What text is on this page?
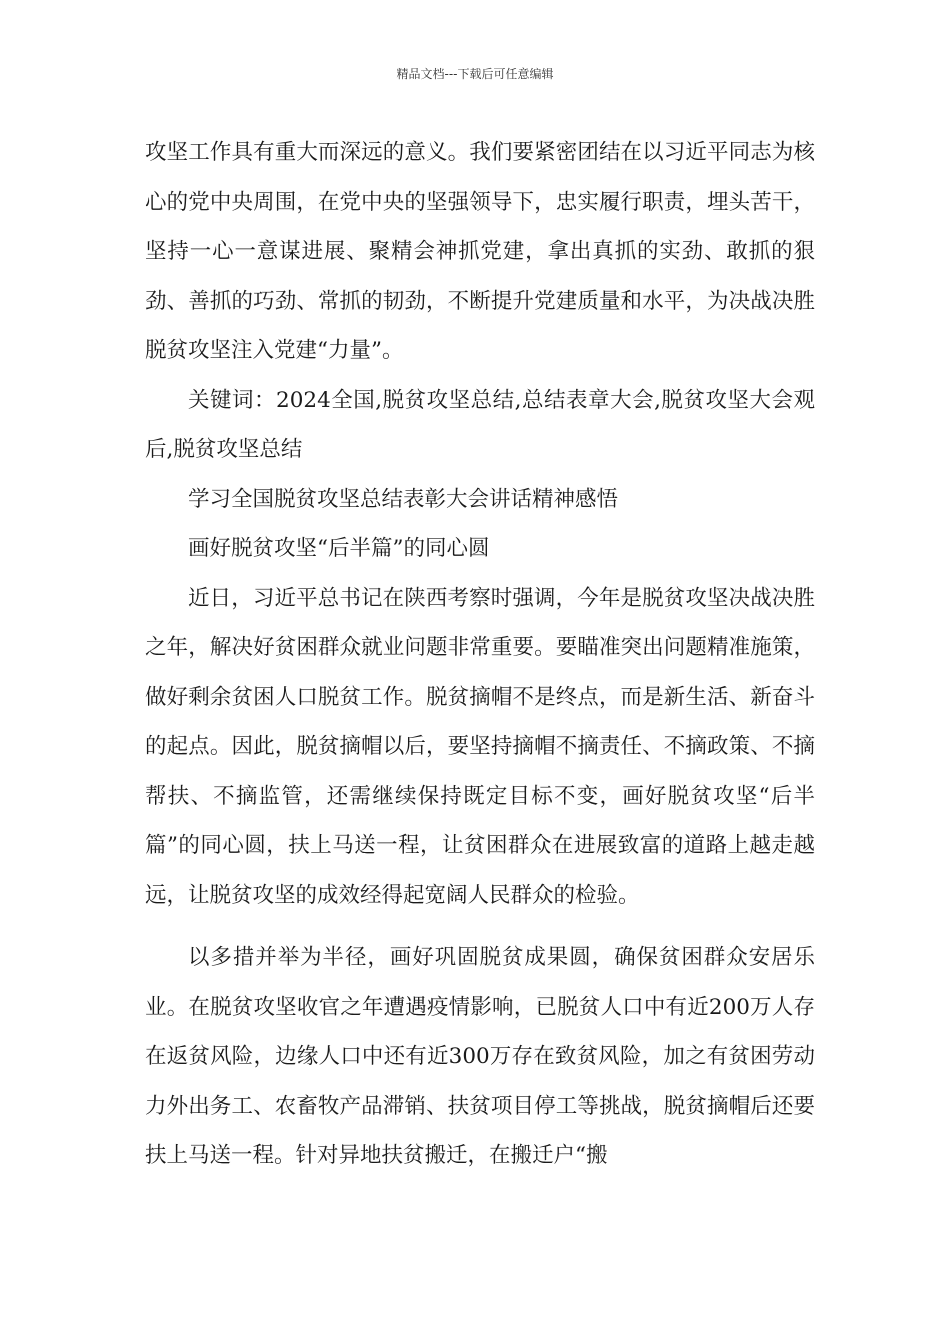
精品文档---下载后可任意编辑

攻坚工作具有重大而深远的意义。我们要紧密团结在以习近平同志为核心的党中央周围，在党中央的坚强领导下，忠实履行职责，埋头苦干，坚持一心一意谋进展、聚精会神抓党建，拿出真抓的实劲、敢抓的狠劲、善抓的巧劲、常抓的韧劲，不断提升党建质量和水平，为决战决胜脱贫攻坚注入党建“力量”。

关键词：2024全国,脱贫攻坚总结,总结表章大会,脱贫攻坚大会观后,脱贫攻坚总结

学习全国脱贫攻坚总结表彰大会讲话精神感悟

画好脱贫攻坚“后半篇”的同心圆

近日，习近平总书记在陕西考察时强调，今年是脱贫攻坚决战决胜之年，解决好贫困群众就业问题非常重要。要瞄准突出问题精准施策，做好剩余贫困人口脱贫工作。脱贫摘帽不是终点，而是新生活、新奋斗的起点。因此，脱贫摘帽以后，要坚持摘帽不摘责任、不摘政策、不摘帮扶、不摘监管，还需继续保持既定目标不变，画好脱贫攻坚“后半篇”的同心圆，扶上马送一程，让贫困群众在进展致富的道路上越走越远，让脱贫攻坚的成效经得起宽阔人民群众的检验。

以多措并举为半径，画好巩固脱贫成果圆，确保贫困群众安居乐业。在脱贫攻坚收官之年遭遇疫情影响，已脱贫人口中有近200万人存在返贫风险，边缘人口中还有近300万存在致贫风险，加之有贫困劳动力外出务工、农畜牧产品滞销、扶贫项目停工等挑战，脱贫摘帽后还要扶上马送一程。针对异地扶贫搬迁，在搬迁户“搬
